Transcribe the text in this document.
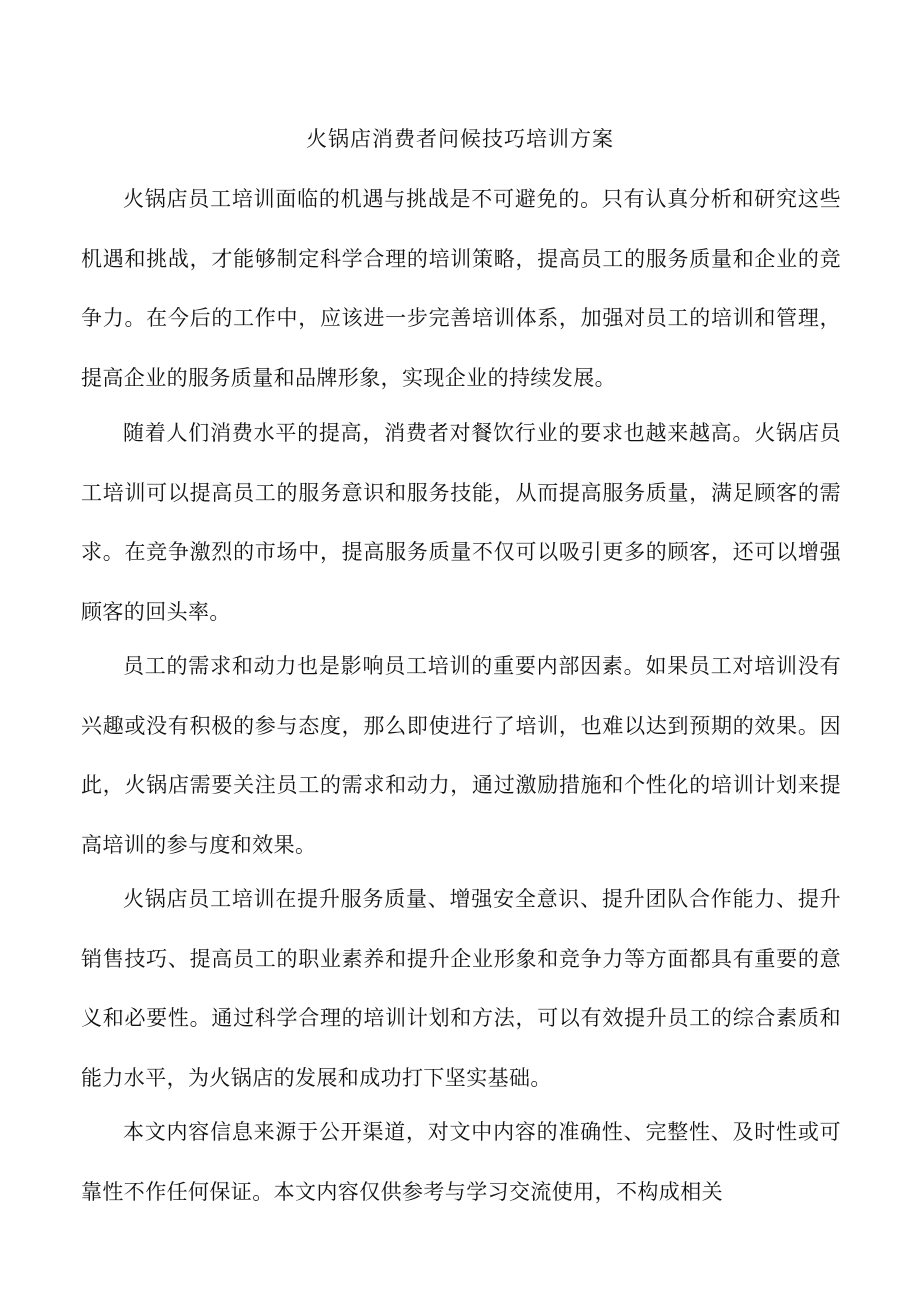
火锅店消费者问候技巧培训方案

火锅店员工培训面临的机遇与挑战是不可避免的。只有认真分析和研究这些机遇和挑战，才能够制定科学合理的培训策略，提高员工的服务质量和企业的竞争力。在今后的工作中，应该进一步完善培训体系，加强对员工的培训和管理，提高企业的服务质量和品牌形象，实现企业的持续发展。

随着人们消费水平的提高，消费者对餐饮行业的要求也越来越高。火锅店员工培训可以提高员工的服务意识和服务技能，从而提高服务质量，满足顾客的需求。在竞争激烈的市场中，提高服务质量不仅可以吸引更多的顾客，还可以增强顾客的回头率。

员工的需求和动力也是影响员工培训的重要内部因素。如果员工对培训没有兴趣或没有积极的参与态度，那么即使进行了培训，也难以达到预期的效果。因此，火锅店需要关注员工的需求和动力，通过激励措施和个性化的培训计划来提高培训的参与度和效果。

火锅店员工培训在提升服务质量、增强安全意识、提升团队合作能力、提升销售技巧、提高员工的职业素养和提升企业形象和竞争力等方面都具有重要的意义和必要性。通过科学合理的培训计划和方法，可以有效提升员工的综合素质和能力水平，为火锅店的发展和成功打下坚实基础。

本文内容信息来源于公开渠道，对文中内容的准确性、完整性、及时性或可靠性不作任何保证。本文内容仅供参考与学习交流使用，不构成相关
